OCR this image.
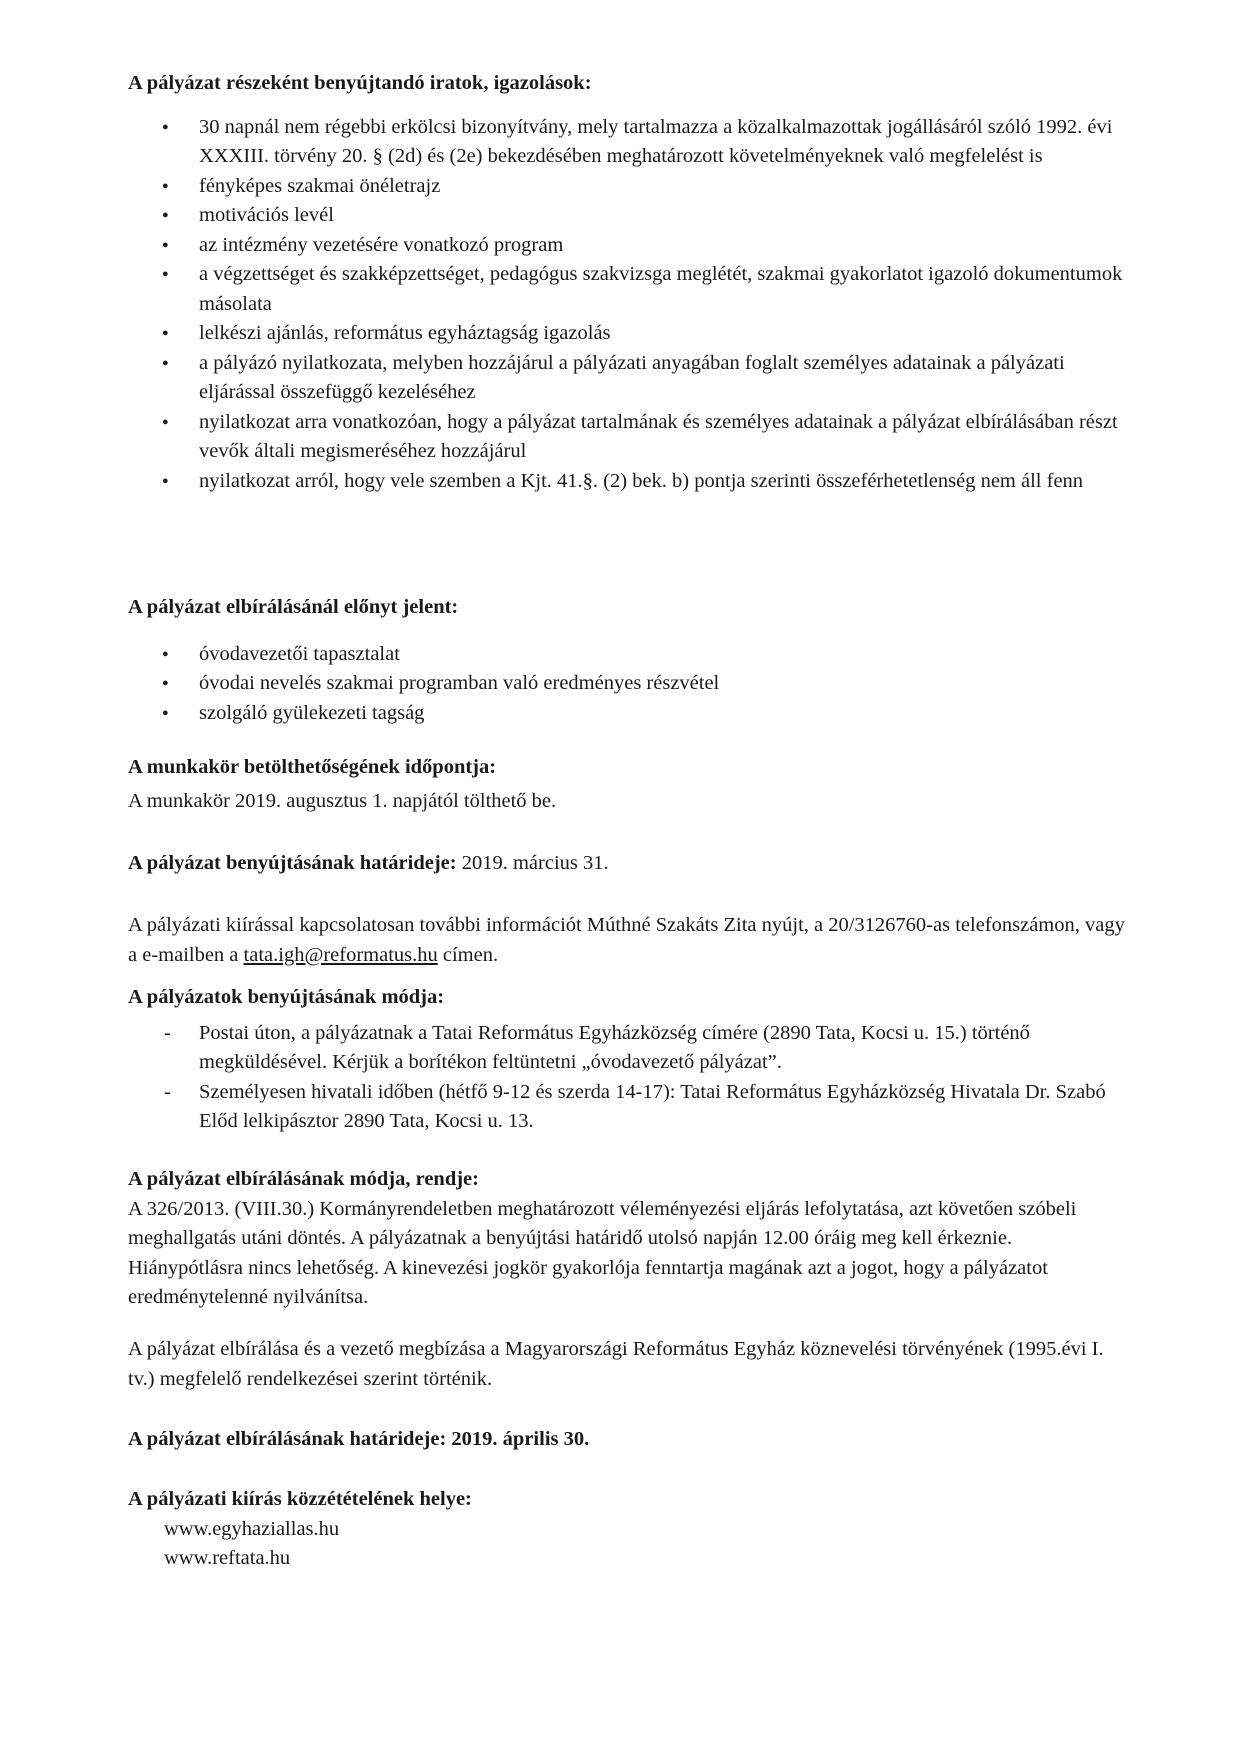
A pályázat részeként benyújtandó iratok, igazolások:
● 30 napnál nem régebbi erkölcsi bizonyítvány, mely tartalmazza a közalkalmazottak jogállásáról szóló 1992. évi XXXIII. törvény 20. § (2d) és (2e) bekezdésében meghatározott követelményeknek való megfelelést is
● fényképes szakmai önéletrajz
● motivációs levél
● az intézmény vezetésére vonatkozó program
● a végzettséget és szakképzettséget, pedagógus szakvizsga meglétét, szakmai gyakorlatot igazoló dokumentumok másolata
● lelkészi ajánlás, református egyháztagság igazolás
● a pályázó nyilatkozata, melyben hozzájárul a pályázati anyagában foglalt személyes adatainak a pályázati eljárással összefüggő kezeléséhez
● nyilatkozat arra vonatkozóan, hogy a pályázat tartalmának és személyes adatainak a pályázat elbírálásában részt vevők általi megismeréséhez hozzájárul
● nyilatkozat arról, hogy vele szemben a Kjt. 41.§. (2) bek. b) pontja szerinti összeférhetetlenség nem áll fenn
A pályázat elbírálásánál előnyt jelent:
● óvodavezetői tapasztalat
● óvodai nevelés szakmai programban való eredményes részvétel
● szolgáló gyülekezeti tagság
A munkakör betölthetőségének időpontja:

A munkakör 2019. augusztus 1. napjától tölthető be.

A pályázat benyújtásának határideje: 2019. március 31.

A pályázati kiírással kapcsolatosan további információt Múthné Szakáts Zita nyújt, a 20/3126760-as telefonszámon, vagy a e-mailben a tata.igh@reformatus.hu címen.

A pályázatok benyújtásának módja:
- Postai úton, a pályázatnak a Tatai Református Egyházközség címére (2890 Tata, Kocsi u. 15.) történő megküldésével. Kérjük a borítékon feltüntetni „óvodavezető pályázat”.
- Személyesen hivatali időben (hétfő 9-12 és szerda 14-17): Tatai Református Egyházközség Hivatala Dr. Szabó Előd lelkipásztor 2890 Tata, Kocsi u. 13.
A pályázat elbírálásának módja, rendje:

A 326/2013. (VIII.30.) Kormányrendeletben meghatározott véleményezési eljárás lefolytatása, azt követően szóbeli meghallgatás utáni döntés. A pályázatnak a benyújtási határidő utolsó napján 12.00 óráig meg kell érkeznie. Hiánypótlásra nincs lehetőség. A kinevezési jogkör gyakorlója fenntartja magának azt a jogot, hogy a pályázatot eredménytelenné nyilvánítsa.

A pályázat elbírálása és a vezető megbízása a Magyarországi Református Egyház köznevelési törvényének (1995.évi I. tv.) megfelelő rendelkezései szerint történik.

A pályázat elbírálásának határideje: 2019. április 30.
A pályázati kiírás közzétételének helye:

www.egyhaziallas.hu

www.reftata.hu
